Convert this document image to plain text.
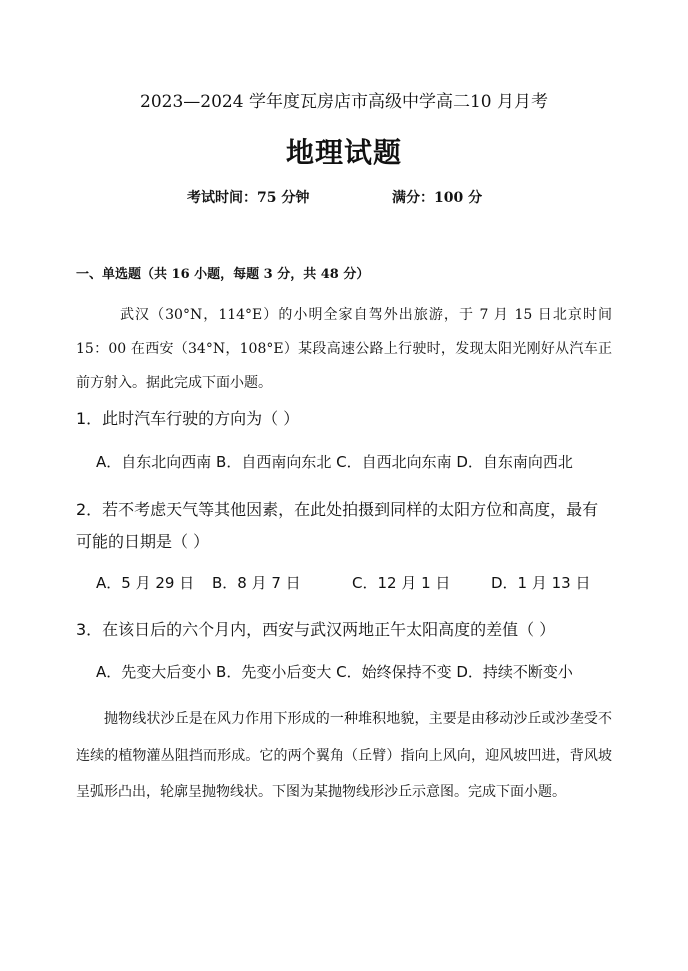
2023—2024 学年度瓦房店市高级中学高二10 月月考
地理试题
考试时间：75 分钟	满分：100 分
一、单选题（共 16 小题，每题 3 分，共 48 分）
武汉（30°N，114°E）的小明全家自驾外出旅游，于 7 月 15 日北京时间 15：00 在西安（34°N，108°E）某段高速公路上行驶时，发现太阳光刚好从汽车正前方射入。据此完成下面小题。
1．此时汽车行驶的方向为（ ）
A．自东北向西南 B．自西南向东北 C．自西北向东南 D．自东南向西北
2．若不考虑天气等其他因素，在此处拍摄到同样的太阳方位和高度，最有可能的日期是（ ）
A．5 月 29 日 B．8 月 7 日	C．12 月 1 日	D．1 月 13 日
3．在该日后的六个月内，西安与武汉两地正午太阳高度的差值（ ）
A．先变大后变小 B．先变小后变大 C．始终保持不变 D．持续不断变小
抛物线状沙丘是在风力作用下形成的一种堆积地貌，主要是由移动沙丘或沙垄受不连续的植物灌丛阻挡而形成。它的两个翼角（丘臂）指向上风向，迎风坡凹进，背风坡呈弧形凸出，轮廓呈抛物线状。下图为某抛物线形沙丘示意图。完成下面小题。
